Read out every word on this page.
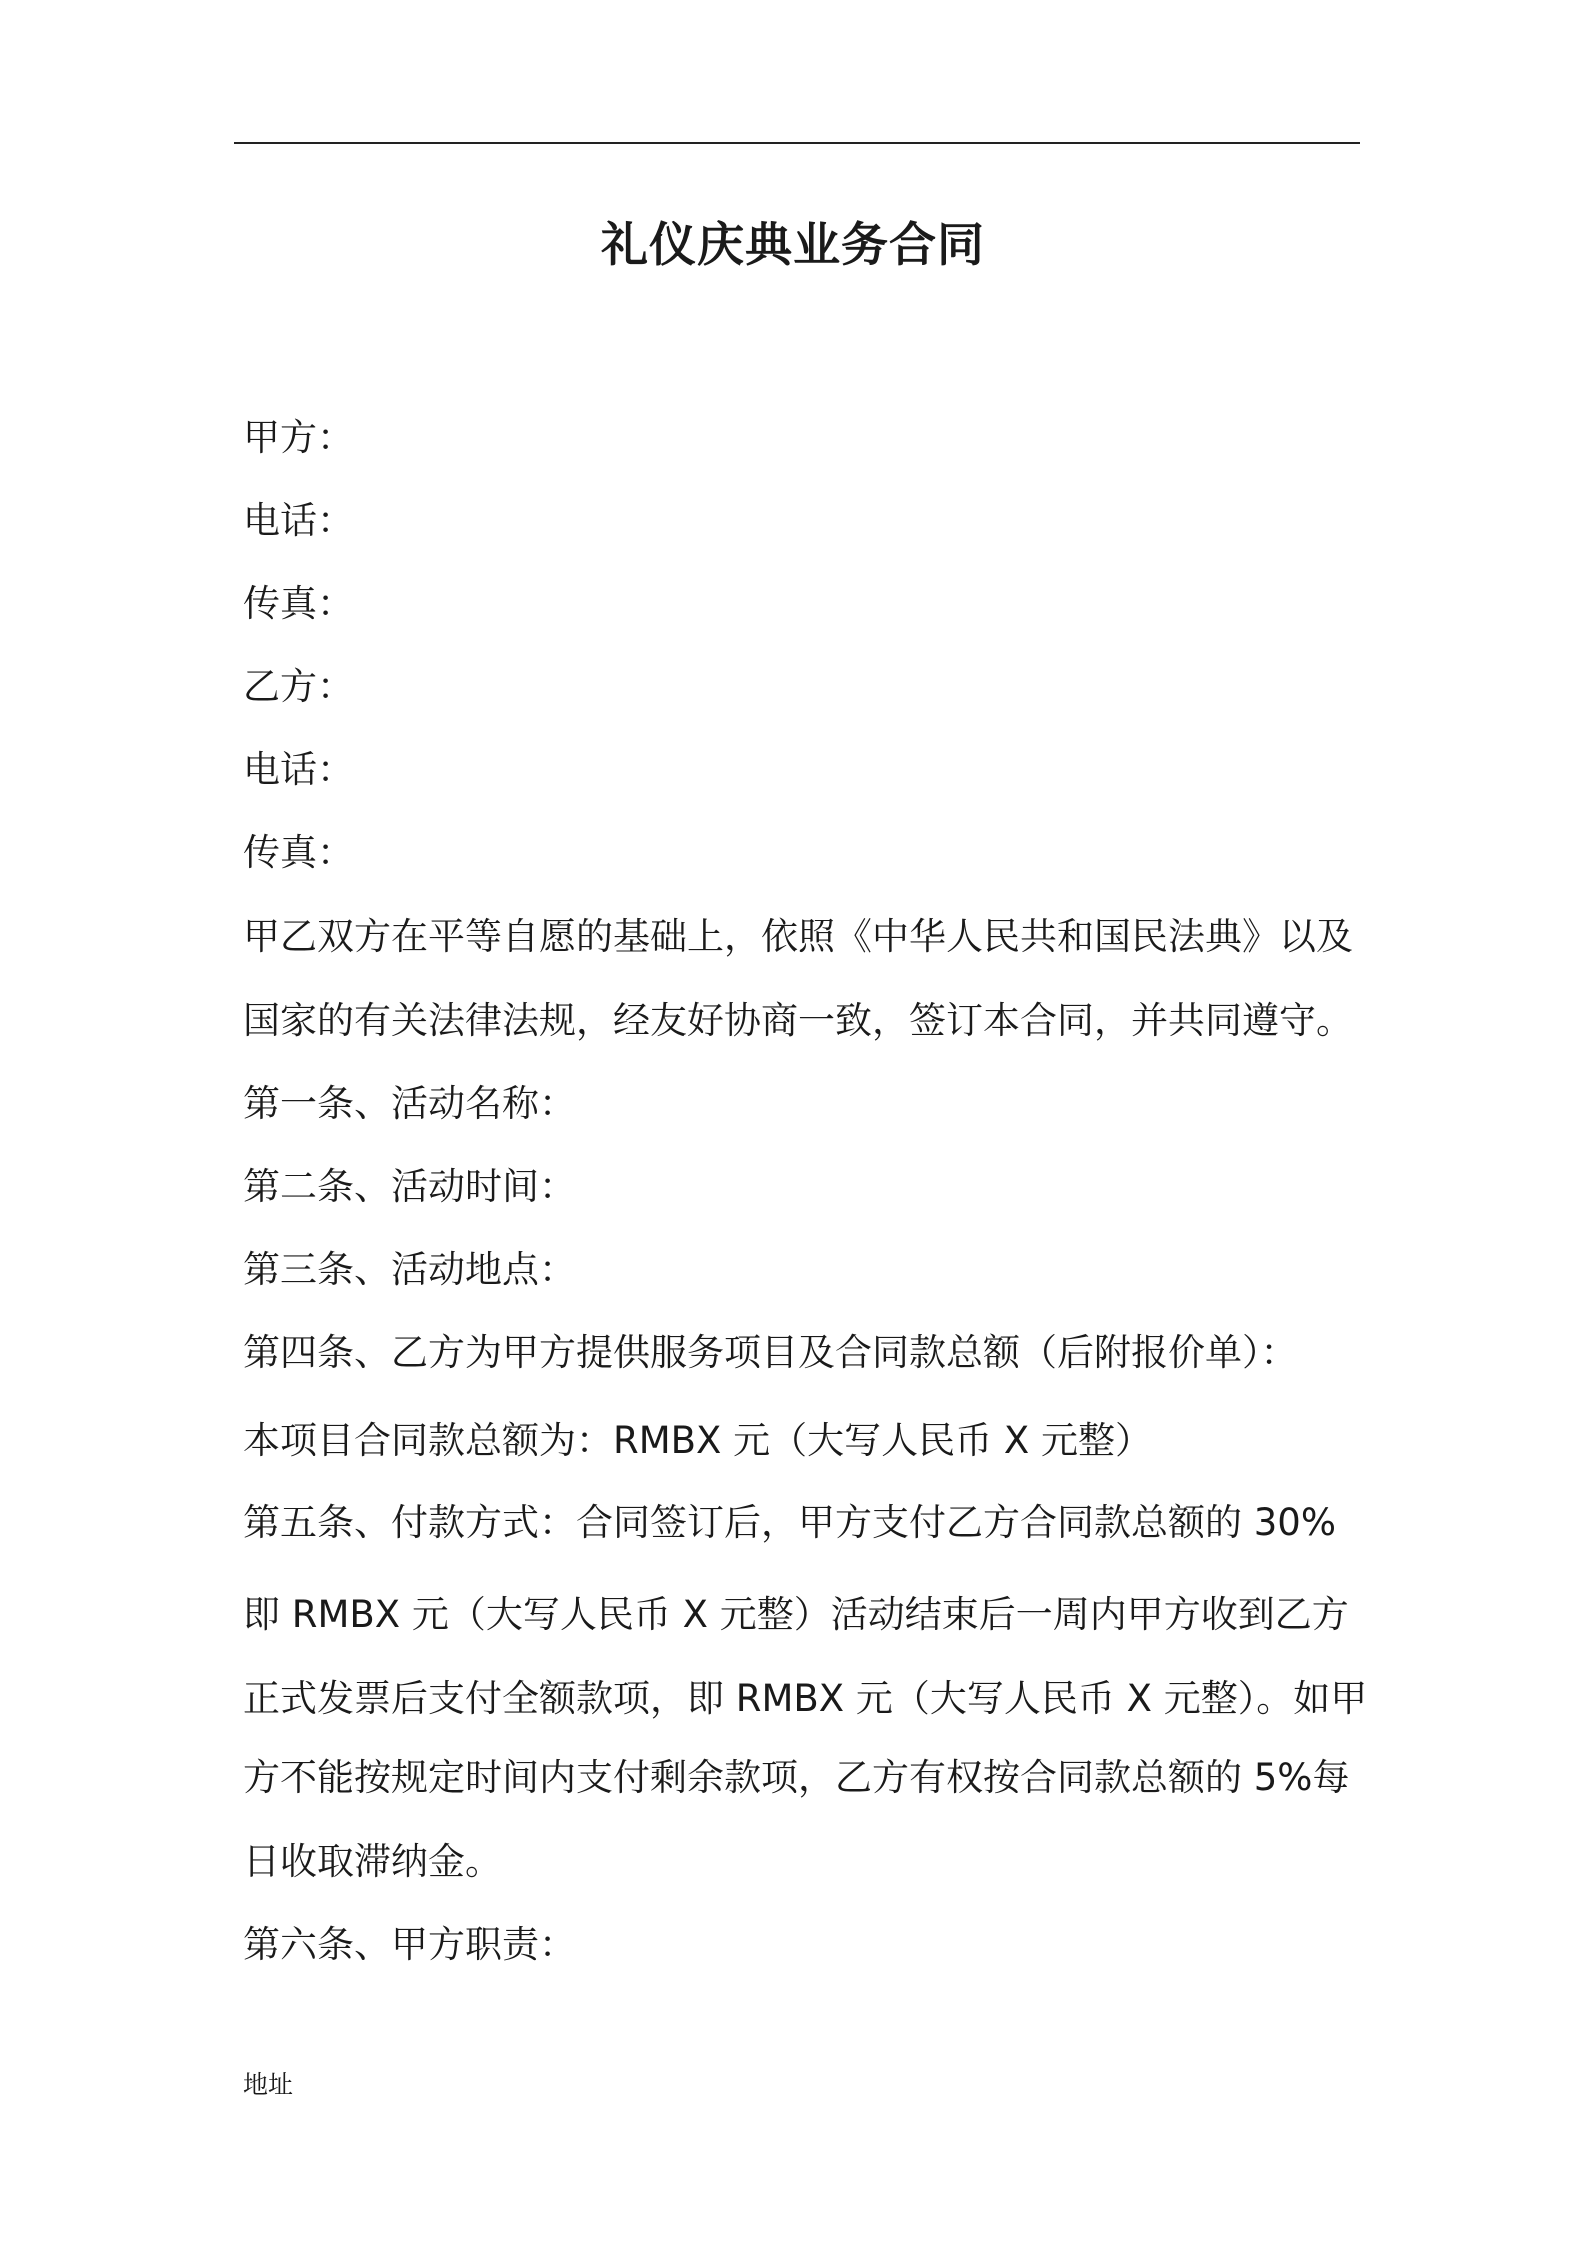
礼仪庆典业务合同

甲方：

电话：

传真：

乙方：

电话：

传真：

甲乙双方在平等自愿的基础上，依照《中华人民共和国民法典》以及

国家的有关法律法规，经友好协商一致，签订本合同，并共同遵守。

第一条、活动名称：

第二条、活动时间：

第三条、活动地点：

第四条、乙方为甲方提供服务项目及合同款总额（后附报价单）：

本项目合同款总额为：RMBX 元（大写人民币 X 元整）

第五条、付款方式：合同签订后，甲方支付乙方合同款总额的 30%

即 RMBX 元（大写人民币 X 元整）活动结束后一周内甲方收到乙方

正式发票后支付全额款项，即 RMBX 元（大写人民币 X 元整）。如甲

方不能按规定时间内支付剩余款项，乙方有权按合同款总额的 5%每

日收取滞纳金。

第六条、甲方职责：

地址
